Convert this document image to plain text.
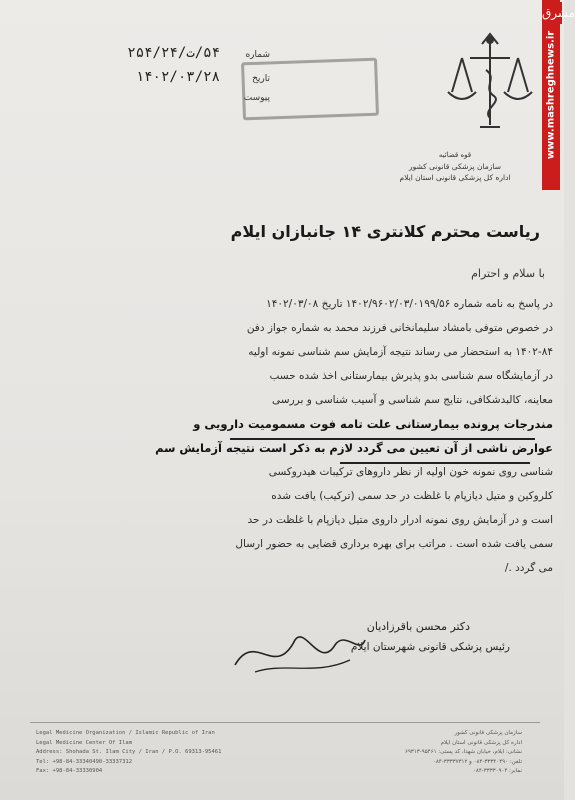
www.mashreghnews.ir
مشرق
شماره
۵۴/ت/۲۵۴/۲۴
تاریخ
۱۴۰۲/۰۳/۲۸
پیوست
قوه قضائیه
سازمان پزشکی قانونی کشور
اداره کل پزشکی قانونی استان ایلام
ریاست محترم کلانتری ۱۴ جانبازان ایلام
با سلام و احترام
در پاسخ به نامه شماره ۱۴۰۲/۹۶۰۲/۰۳/۰۱۹۹/۵۶ تاریخ ۱۴۰۲/۰۳/۰۸
در خصوص متوفی بامشاد سلیمانخانی فرزند محمد به شماره جواز دفن
۱۴۰۲-۸۴ به استحضار می رساند نتیجه آزمایش سم شناسی نمونه اولیه
در آزمایشگاه سم شناسی بدو پذیرش بیمارستانی اخذ شده حسب
معاینه، کالبدشکافی، نتایج سم شناسی و آسیب شناسی و بررسی
مندرجات پرونده بیمارستانی علت تامه فوت مسمومیت دارویی و
عوارض ناشی از آن تعیین می گردد لازم به ذکر است نتیجه آزمایش سم
شناسی روی نمونه خون اولیه از نظر داروهای ترکیبات هیدروکسی
کلروکین و متیل دیازپام با غلظت در حد سمی (ترکیب) یافت شده
است و در آزمایش روی نمونه ادرار داروی متیل دیازپام با غلظت در حد
سمی یافت شده است . مراتب برای بهره برداری قضایی به حضور ارسال
می گردد ./
دکتر محسن باقرزادیان
رئیس پزشکی قانونی شهرستان ایلام
Legal Medicine Organization / Islamic Republic of Iran
Legal Medicine Center Of Ilam
Address: Shohada St. Ilam City / Iran / P.O. 69313-95461
Tel: +98-84-33340490-33337312
Fax: +98-84-33330904
سازمان پزشکی قانونی کشور
اداره کل پزشکی قانونی استان ایلام
نشانی: ایلام، خیابان شهدا، کد پستی: ۹۵۴۶۱-۶۹۳۱۳
تلفن: ۳۳۳۴۰۴۹۰-۰۸۴ و ۳۳۳۳۷۳۱۲-۰۸۴
نمابر: ۳۳۳۳۰۹۰۴-۰۸۴
